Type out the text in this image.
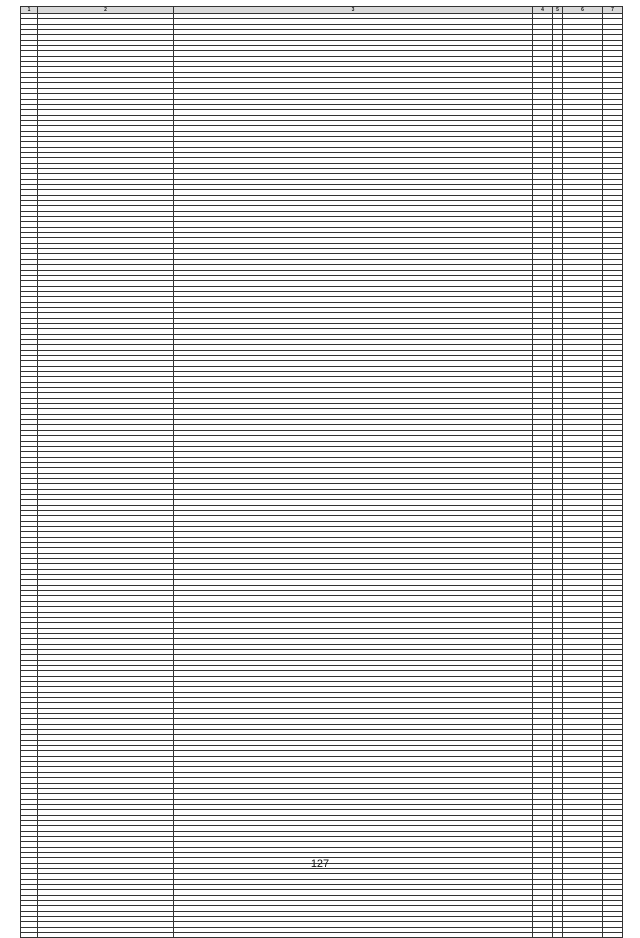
1	2	3	4	5	6	7

127
